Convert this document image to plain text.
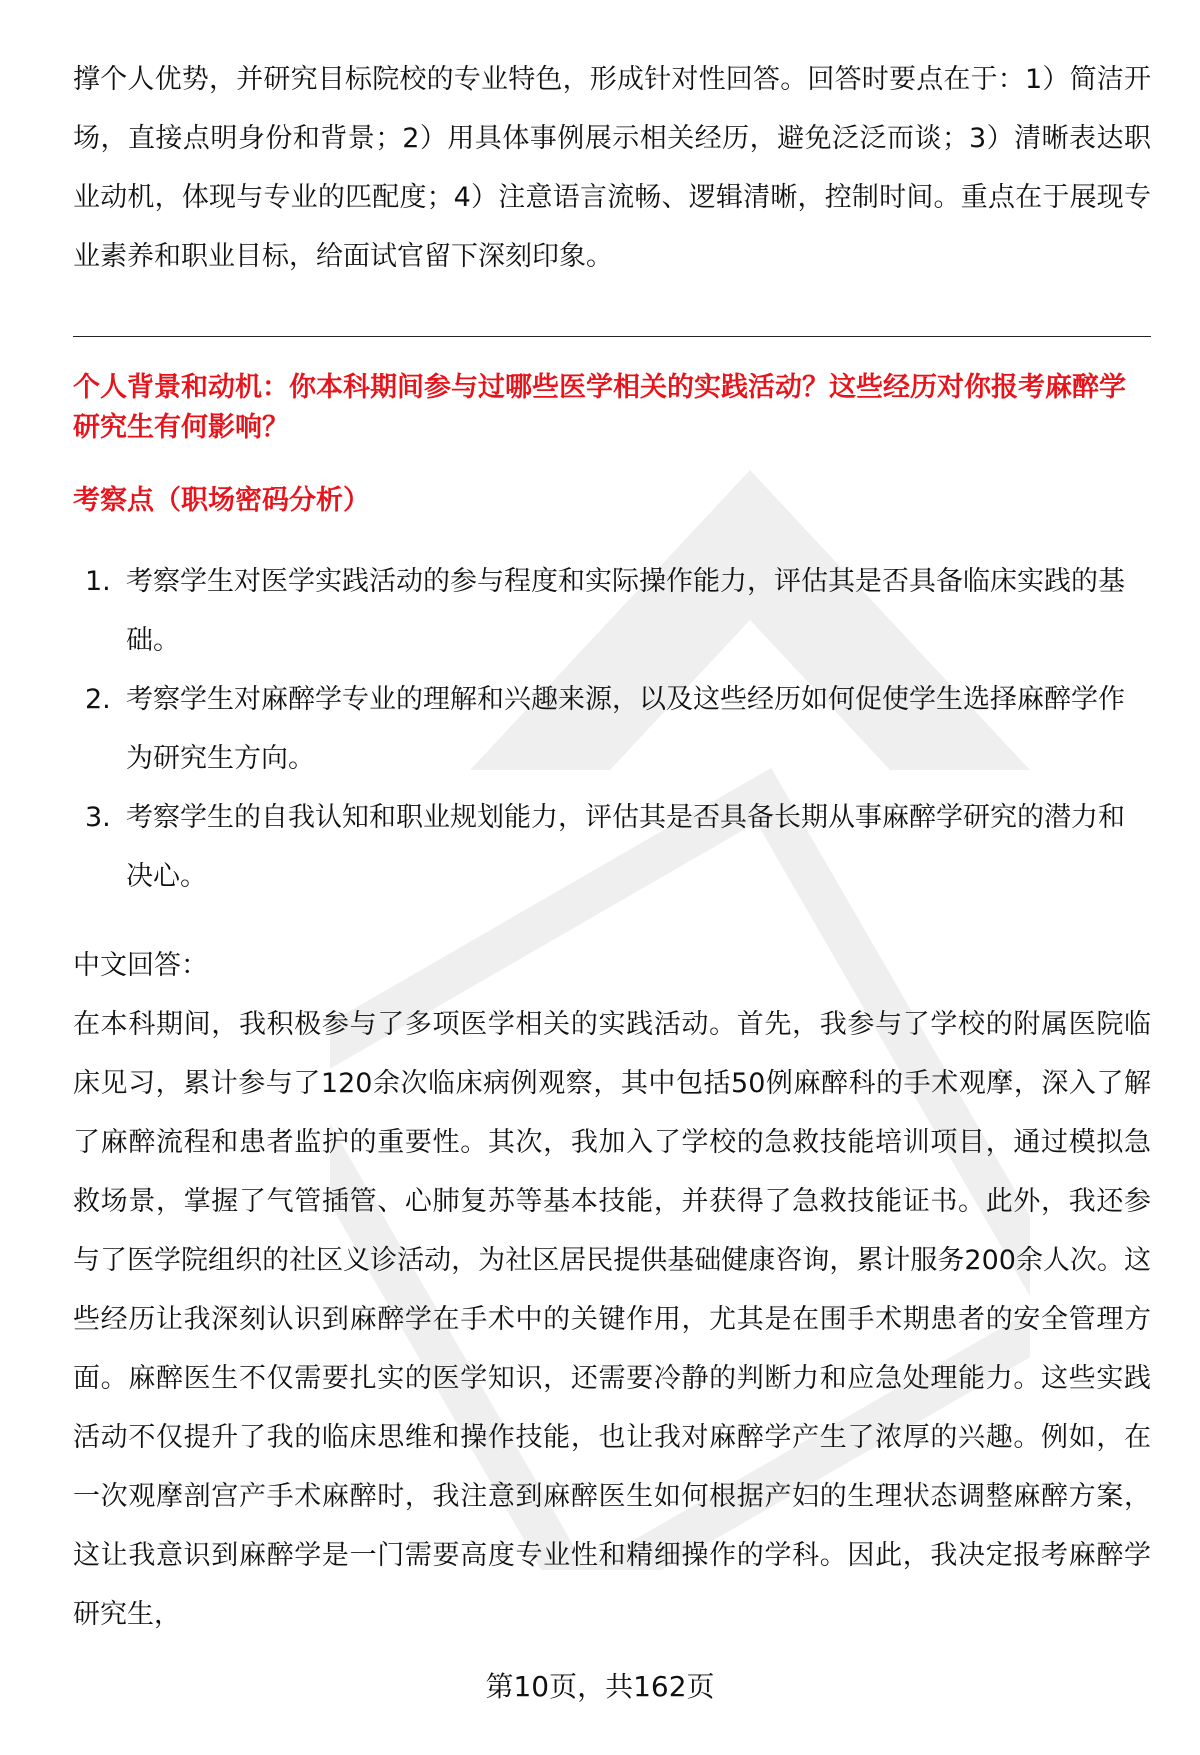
撑个人优势，并研究目标院校的专业特色，形成针对性回答。回答时要点在于：1）简洁开场，直接点明身份和背景；2）用具体事例展示相关经历，避免泛泛而谈；3）清晰表达职业动机，体现与专业的匹配度；4）注意语言流畅、逻辑清晰，控制时间。重点在于展现专业素养和职业目标，给面试官留下深刻印象。
个人背景和动机：你本科期间参与过哪些医学相关的实践活动？这些经历对你报考麻醉学研究生有何影响？
考察点（职场密码分析）
1. 考察学生对医学实践活动的参与程度和实际操作能力，评估其是否具备临床实践的基础。
2. 考察学生对麻醉学专业的理解和兴趣来源，以及这些经历如何促使学生选择麻醉学作为研究生方向。
3. 考察学生的自我认知和职业规划能力，评估其是否具备长期从事麻醉学研究的潜力和决心。
中文回答：
在本科期间，我积极参与了多项医学相关的实践活动。首先，我参与了学校的附属医院临床见习，累计参与了120余次临床病例观察，其中包括50例麻醉科的手术观摩，深入了解了麻醉流程和患者监护的重要性。其次，我加入了学校的急救技能培训项目，通过模拟急救场景，掌握了气管插管、心肺复苏等基本技能，并获得了急救技能证书。此外，我还参与了医学院组织的社区义诊活动，为社区居民提供基础健康咨询，累计服务200余人次。这些经历让我深刻认识到麻醉学在手术中的关键作用，尤其是在围手术期患者的安全管理方面。麻醉医生不仅需要扎实的医学知识，还需要冷静的判断力和应急处理能力。这些实践活动不仅提升了我的临床思维和操作技能，也让我对麻醉学产生了浓厚的兴趣。例如，在一次观摩剖宫产手术麻醉时，我注意到麻醉医生如何根据产妇的生理状态调整麻醉方案，这让我意识到麻醉学是一门需要高度专业性和精细操作的学科。因此，我决定报考麻醉学研究生，
第10页，共162页
